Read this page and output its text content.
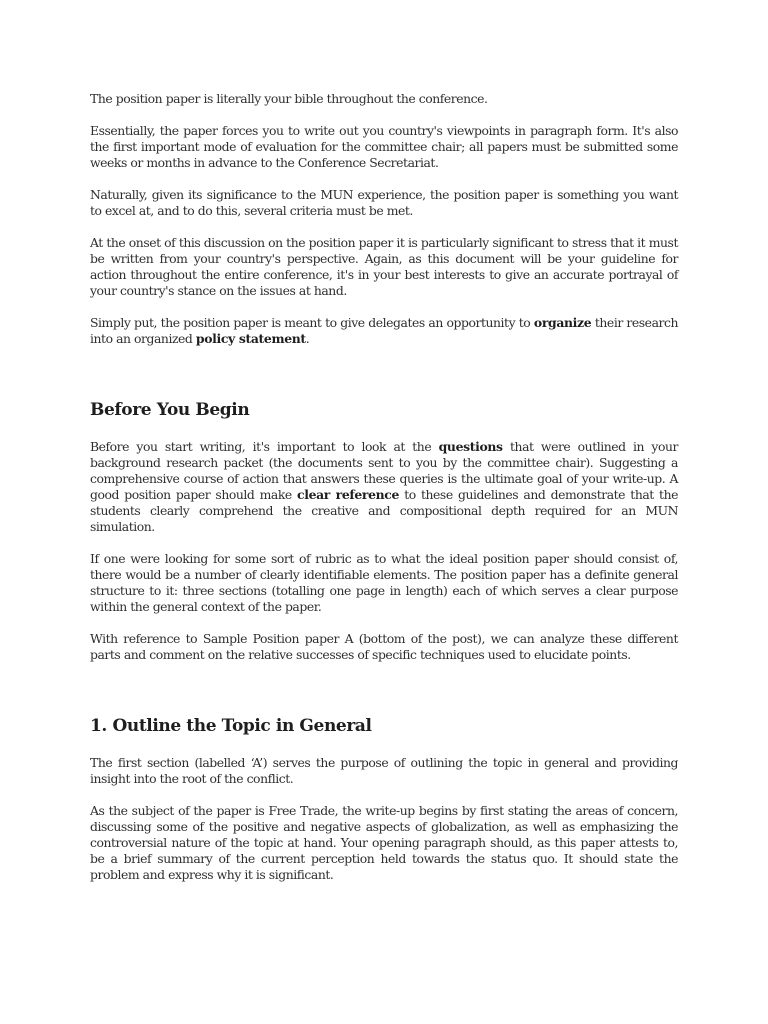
The position paper is literally your bible throughout the conference.

Essentially, the paper forces you to write out you country's viewpoints in paragraph form. It's also the first important mode of evaluation for the committee chair; all papers must be submitted some weeks or months in advance to the Conference Secretariat.

Naturally, given its significance to the MUN experience, the position paper is something you want to excel at, and to do this, several criteria must be met.

At the onset of this discussion on the position paper it is particularly significant to stress that it must be written from your country's perspective. Again, as this document will be your guideline for action throughout the entire conference, it's in your best interests to give an accurate portrayal of your country's stance on the issues at hand.

Simply put, the position paper is meant to give delegates an opportunity to organize their research into an organized policy statement.

Before You Begin

Before you start writing, it's important to look at the questions that were outlined in your background research packet (the documents sent to you by the committee chair). Suggesting a comprehensive course of action that answers these queries is the ultimate goal of your write-up. A good position paper should make clear reference to these guidelines and demonstrate that the students clearly comprehend the creative and compositional depth required for an MUN simulation.

If one were looking for some sort of rubric as to what the ideal position paper should consist of, there would be a number of clearly identifiable elements. The position paper has a definite general structure to it: three sections (totalling one page in length) each of which serves a clear purpose within the general context of the paper.

With reference to Sample Position paper A (bottom of the post), we can analyze these different parts and comment on the relative successes of specific techniques used to elucidate points.

1. Outline the Topic in General

The first section (labelled ‘A’) serves the purpose of outlining the topic in general and providing insight into the root of the conflict.

As the subject of the paper is Free Trade, the write-up begins by first stating the areas of concern, discussing some of the positive and negative aspects of globalization, as well as emphasizing the controversial nature of the topic at hand. Your opening paragraph should, as this paper attests to, be a brief summary of the current perception held towards the status quo. It should state the problem and express why it is significant.
